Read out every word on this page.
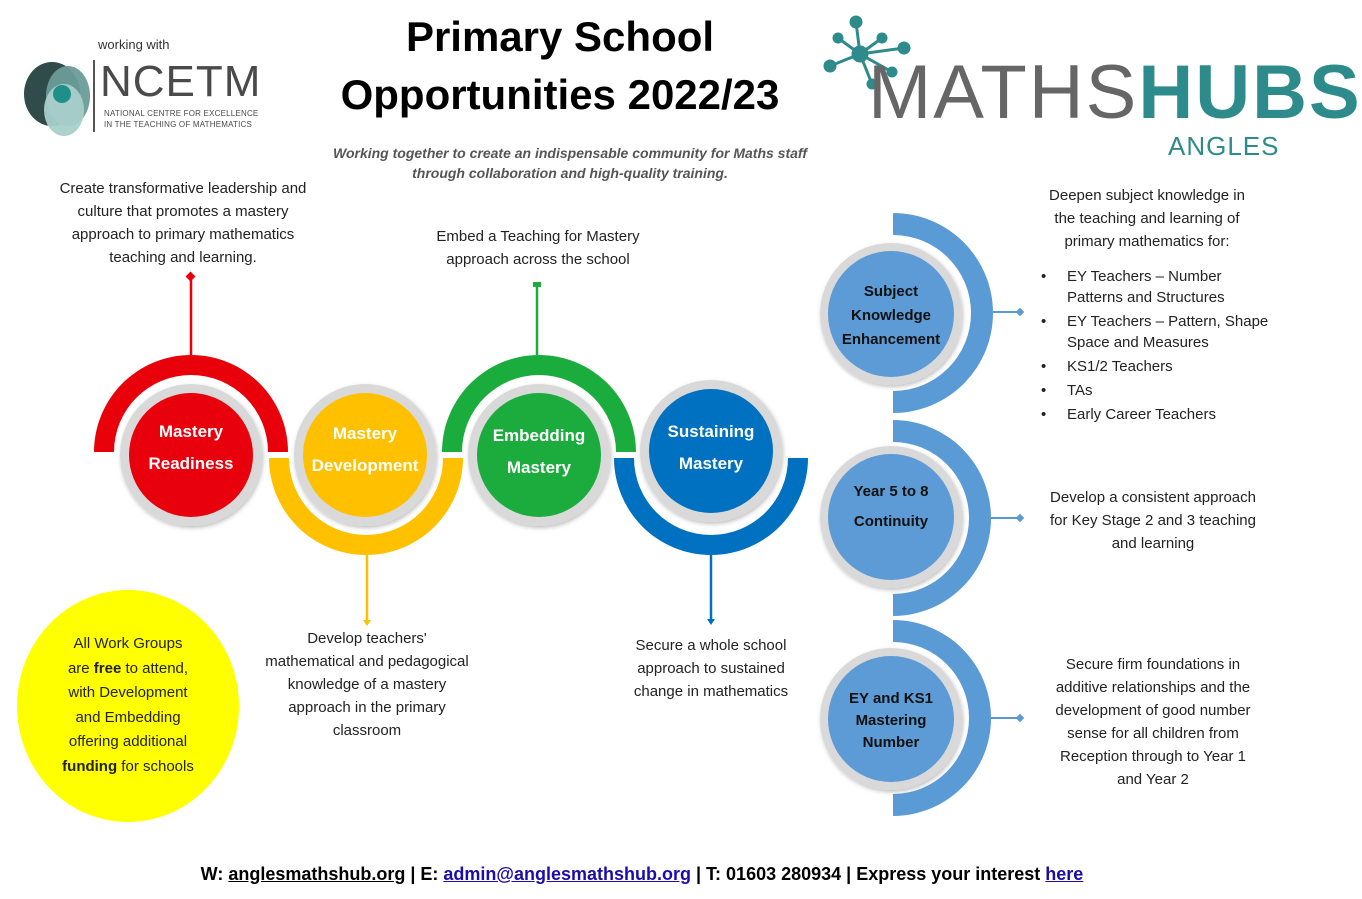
working with
NCETM
NATIONAL CENTRE FOR EXCELLENCE
IN THE TEACHING OF MATHEMATICS
Primary School
Opportunities 2022/23
Working together to create an indispensable community for Maths staff
through collaboration and high-quality training.
MATHSHUBS
ANGLES
Mastery
Readiness
Mastery
Development
Embedding
Mastery
Sustaining
Mastery
Create transformative leadership and
culture that promotes a mastery
approach to primary mathematics
teaching and learning.
Embed a Teaching for Mastery
approach across the school
Develop teachers'
mathematical and pedagogical
knowledge of a mastery
approach in the primary
classroom
Secure a whole school
approach to sustained
change in mathematics
Subject
Knowledge
Enhancement
Year 5 to 8
Continuity
EY and KS1
Mastering
Number
Deepen subject knowledge in
the teaching and learning of
primary mathematics for:
• EY Teachers – Number Patterns and Structures
• EY Teachers – Pattern, Shape Space and Measures
• KS1/2 Teachers
• TAs
• Early Career Teachers
Develop a consistent approach
for Key Stage 2 and 3 teaching
and learning
Secure firm foundations in
additive relationships and the
development of good number
sense for all children from
Reception through to Year 1
and Year 2
All Work Groups
are free to attend,
with Development
and Embedding
offering additional
funding for schools
W: anglesmathshub.org | E: admin@anglesmathshub.org | T: 01603 280934 | Express your interest here
